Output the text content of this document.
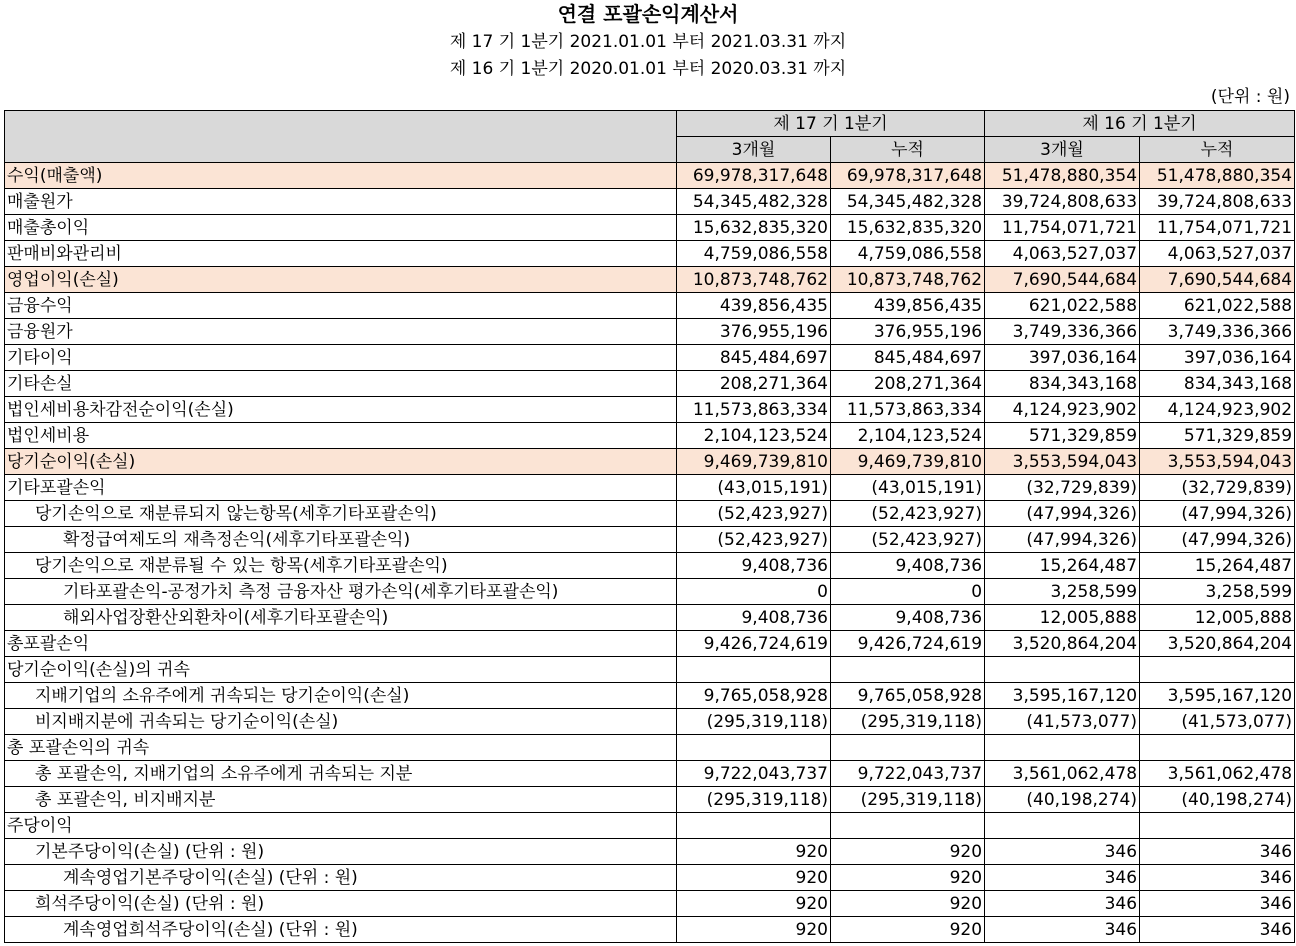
연결 포괄손익계산서
제 17 기 1분기 2021.01.01 부터 2021.03.31 까지
제 16 기 1분기 2020.01.01 부터 2020.03.31 까지
(단위 : 원)
	제 17 기 1분기		제 16 기 1분기	
	3개월	누적	3개월	누적
수익(매출액)	69,978,317,648	69,978,317,648	51,478,880,354	51,478,880,354
매출원가	54,345,482,328	54,345,482,328	39,724,808,633	39,724,808,633
매출총이익	15,632,835,320	15,632,835,320	11,754,071,721	11,754,071,721
판매비와관리비	4,759,086,558	4,759,086,558	4,063,527,037	4,063,527,037
영업이익(손실)	10,873,748,762	10,873,748,762	7,690,544,684	7,690,544,684
금융수익	439,856,435	439,856,435	621,022,588	621,022,588
금융원가	376,955,196	376,955,196	3,749,336,366	3,749,336,366
기타이익	845,484,697	845,484,697	397,036,164	397,036,164
기타손실	208,271,364	208,271,364	834,343,168	834,343,168
법인세비용차감전순이익(손실)	11,573,863,334	11,573,863,334	4,124,923,902	4,124,923,902
법인세비용	2,104,123,524	2,104,123,524	571,329,859	571,329,859
당기순이익(손실)	9,469,739,810	9,469,739,810	3,553,594,043	3,553,594,043
기타포괄손익	(43,015,191)	(43,015,191)	(32,729,839)	(32,729,839)
당기손익으로 재분류되지 않는항목(세후기타포괄손익)	(52,423,927)	(52,423,927)	(47,994,326)	(47,994,326)
확정급여제도의 재측정손익(세후기타포괄손익)	(52,423,927)	(52,423,927)	(47,994,326)	(47,994,326)
당기손익으로 재분류될 수 있는 항목(세후기타포괄손익)	9,408,736	9,408,736	15,264,487	15,264,487
기타포괄손익-공정가치 측정 금융자산 평가손익(세후기타포괄손익)	0	0	3,258,599	3,258,599
해외사업장환산외환차이(세후기타포괄손익)	9,408,736	9,408,736	12,005,888	12,005,888
총포괄손익	9,426,724,619	9,426,724,619	3,520,864,204	3,520,864,204
당기순이익(손실)의 귀속				
지배기업의 소유주에게 귀속되는 당기순이익(손실)	9,765,058,928	9,765,058,928	3,595,167,120	3,595,167,120
비지배지분에 귀속되는 당기순이익(손실)	(295,319,118)	(295,319,118)	(41,573,077)	(41,573,077)
총 포괄손익의 귀속				
총 포괄손익, 지배기업의 소유주에게 귀속되는 지분	9,722,043,737	9,722,043,737	3,561,062,478	3,561,062,478
총 포괄손익, 비지배지분	(295,319,118)	(295,319,118)	(40,198,274)	(40,198,274)
주당이익				
기본주당이익(손실) (단위 : 원)	920	920	346	346
계속영업기본주당이익(손실) (단위 : 원)	920	920	346	346
희석주당이익(손실) (단위 : 원)	920	920	346	346
계속영업희석주당이익(손실) (단위 : 원)	920	920	346	346
